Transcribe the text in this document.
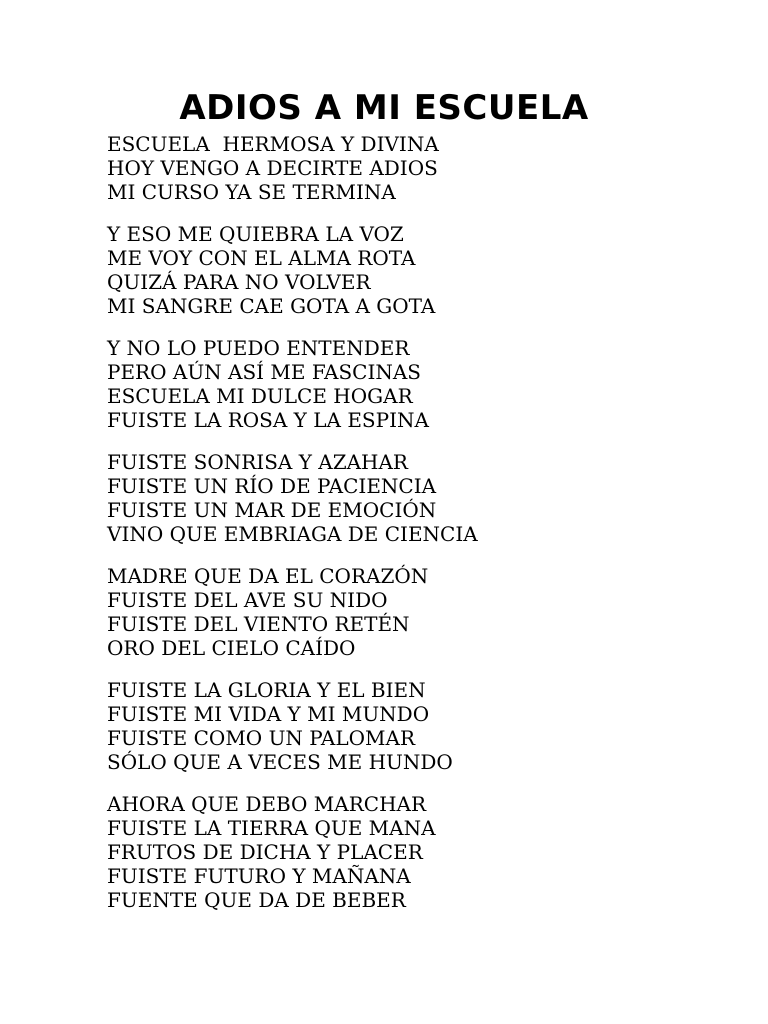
ADIOS A MI ESCUELA
ESCUELA  HERMOSA Y DIVINA
HOY VENGO A DECIRTE ADIOS
MI CURSO YA SE TERMINA
Y ESO ME QUIEBRA LA VOZ
ME VOY CON EL ALMA ROTA
QUIZÁ PARA NO VOLVER
MI SANGRE CAE GOTA A GOTA
Y NO LO PUEDO ENTENDER
PERO AÚN ASÍ ME FASCINAS
ESCUELA MI DULCE HOGAR
FUISTE LA ROSA Y LA ESPINA
FUISTE SONRISA Y AZAHAR
FUISTE UN RÍO DE PACIENCIA
FUISTE UN MAR DE EMOCIÓN
VINO QUE EMBRIAGA DE CIENCIA
MADRE QUE DA EL CORAZÓN
FUISTE DEL AVE SU NIDO
FUISTE DEL VIENTO RETÉN
ORO DEL CIELO CAÍDO
FUISTE LA GLORIA Y EL BIEN
FUISTE MI VIDA Y MI MUNDO
FUISTE COMO UN PALOMAR
SÓLO QUE A VECES ME HUNDO
AHORA QUE DEBO MARCHAR
FUISTE LA TIERRA QUE MANA
FRUTOS DE DICHA Y PLACER
FUISTE FUTURO Y MAÑANA
FUENTE QUE DA DE BEBER
